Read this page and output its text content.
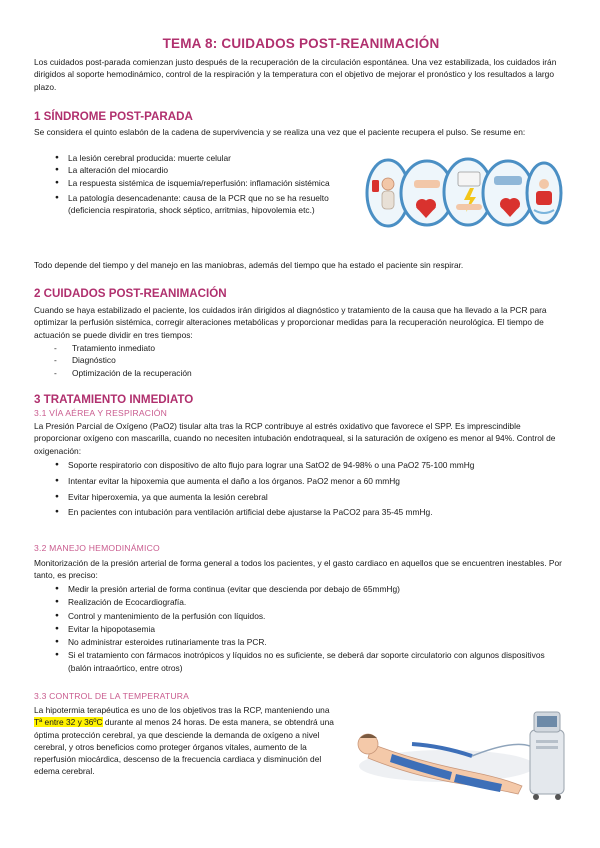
TEMA 8: CUIDADOS POST-REANIMACIÓN

Los cuidados post-parada comienzan justo después de la recuperación de la circulación espontánea. Una vez estabilizada, los cuidados irán dirigidos al soporte hemodinámico, control de la respiración y la temperatura con el objetivo de mejorar el pronóstico y los resultados a largo plazo.

1 SÍNDROME POST-PARADA

Se considera el quinto eslabón de la cadena de supervivencia y se realiza una vez que el paciente recupera el pulso. Se resume en:

● La lesión cerebral producida: muerte celular
● La alteración del miocardio
● La respuesta sistémica de isquemia/reperfusión: inflamación sistémica
● La patología desencadenante: causa de la PCR que no se ha resuelto (deficiencia respiratoria, shock séptico, arritmias, hipovolemia etc.)

Todo depende del tiempo y del manejo en las maniobras, además del tiempo que ha estado el paciente sin respirar.

2 CUIDADOS POST-REANIMACIÓN

Cuando se haya estabilizado el paciente, los cuidados irán dirigidos al diagnóstico y tratamiento de la causa que ha llevado a la PCR para optimizar la perfusión sistémica, corregir alteraciones metabólicas y proporcionar medidas para la recuperación neurológica. El tiempo de actuación se puede dividir en tres tiempos:

- Tratamiento inmediato
- Diagnóstico
- Optimización de la recuperación
3 TRATAMIENTO INMEDIATO
3.1 VÍA AÉREA Y RESPIRACIÓN

La Presión Parcial de Oxígeno (PaO2) tisular alta tras la RCP contribuye al estrés oxidativo que favorece el SPP. Es imprescindible proporcionar oxígeno con mascarilla, cuando no necesiten intubación endotraqueal, si la saturación de oxígeno es menor al 94%. Control de oxigenación:

● Soporte respiratorio con dispositivo de alto flujo para lograr una SatO2 de 94-98% o una PaO2 75-100 mmHg
● Intentar evitar la hipoxemia que aumenta el daño a los órganos. PaO2 menor a 60 mmHg
● Evitar hiperoxemia, ya que aumenta la lesión cerebral
● En pacientes con intubación para ventilación artificial debe ajustarse la PaCO2 para 35-45 mmHg.
3.2 MANEJO HEMODINÁMICO

Monitorización de la presión arterial de forma general a todos los pacientes, y el gasto cardiaco en aquellos que se encuentren inestables. Por tanto, es preciso:

● Medir la presión arterial de forma continua (evitar que descienda por debajo de 65mmHg)
● Realización de Ecocardiografía.
● Control y mantenimiento de la perfusión con líquidos.
● Evitar la hipopotasemia
● No administrar esteroides rutinariamente tras la PCR.
● Si el tratamiento con fármacos inotrópicos y líquidos no es suficiente, se deberá dar soporte circulatorio con algunos dispositivos (balón intraaórtico, entre otros)
3.3 CONTROL DE LA TEMPERATURA

La hipotermia terapéutica es uno de los objetivos tras la RCP, manteniendo una Tª entre 32 y 36ºC durante al menos 24 horas. De esta manera, se obtendrá una óptima protección cerebral, ya que desciende la demanda de oxígeno a nivel cerebral, y otros beneficios como proteger órganos vitales, aumento de la reperfusión miocárdica, descenso de la frecuencia cardiaca y disminución del edema cerebral.
